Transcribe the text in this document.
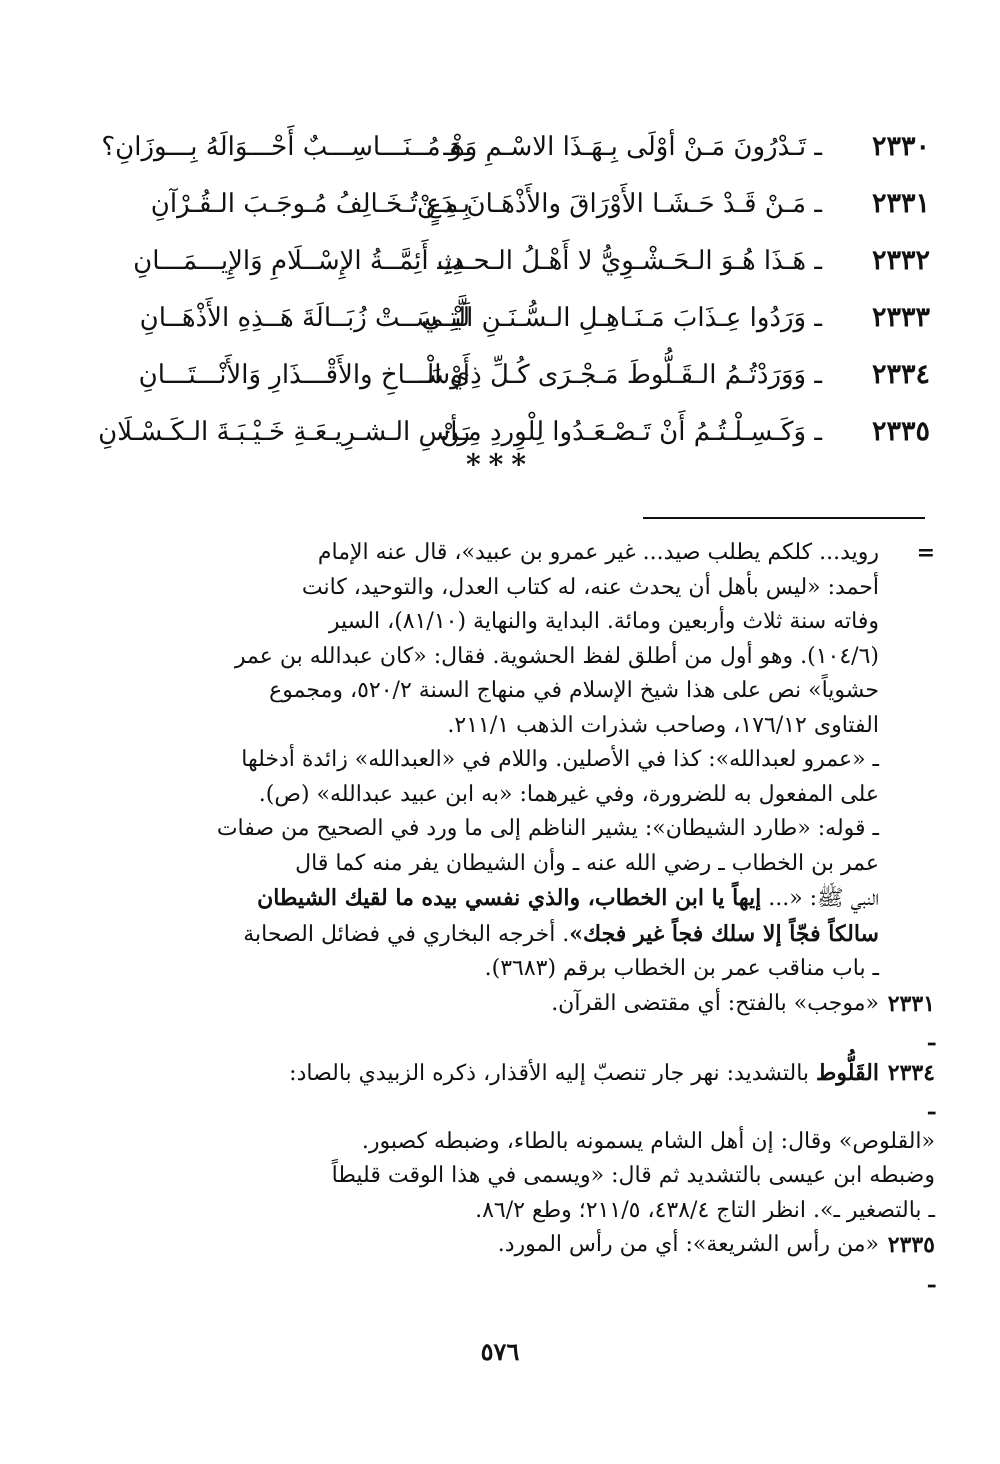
٢٣٣٠
ـ تَـدْرُونَ مَـنْ أوْلَى بِـهَـذَا الاسْـمِ وَهْـ
ـوَ مُــنَـــاسِـــبٌ أَحْـــوَالَهُ بِـــوزَانِ؟
٢٣٣١
ـ مَـنْ قَـدْ حَـشَـا الأَوْرَاقَ والأَذْهَـانَ مِـنْ
بِـدَعٍ تُـخَـالِفُ مُـوجَـبَ الـقُـرْآنِ
٢٣٣٢
ـ هَـذَا هُـوَ الـحَـشْـوِيُّ لا أَهْـلُ الـحـدِيـ
ـثِ أَئِمَّــةُ الإِسْــلَامِ وَالإِيـــمَـــانِ
٢٣٣٣
ـ وَرَدُوا عِـذَابَ مَـنَـاهِـلِ الـسُّـنَـنِ الَّتِـي
لَيْــسَــتْ زُبَــالَةَ هَــذِهِ الأَذْهَــانِ
٢٣٣٤
ـ وَوَرَدْتُـمُ الـقَـلُّوطَ مَـجْـرَى كُـلِّ ذِي الْـ
أَوْسَـــاخِ والأَقْـــذَارِ وَالأَنْـــتَـــانِ
٢٣٣٥
ـ وَكَـسِـلْـتُـمُ أَنْ تَـصْـعَـدُوا لِلْوِردِ مِـنْ
رَأسِ الـشـرِيـعَـةِ خَـيْـبَـةَ الـكَـسْـلَانِ
***
=

رويد... كلكم يطلب صيد... غير عمرو بن عبيد»، قال عنه الإمام

أحمد: «ليس بأهل أن يحدث عنه، له كتاب العدل، والتوحيد، كانت

وفاته سنة ثلاث وأربعين ومائة. البداية والنهاية (٨١/١٠)، السير

(١٠٤/٦). وهو أول من أطلق لفظ الحشوية. فقال: «كان عبدالله بن عمر

حشوياً» نص على هذا شيخ الإسلام في منهاج السنة ٥٢٠/٢، ومجموع

الفتاوى ١٧٦/١٢، وصاحب شذرات الذهب ٢١١/١.

ـ «عمرو لعبدالله»: كذا في الأصلين. واللام في «العبدالله» زائدة أدخلها

على المفعول به للضرورة، وفي غيرهما: «به ابن عبيد عبدالله» (ص).

ـ قوله: «طارد الشيطان»: يشير الناظم إلى ما ورد في الصحيح من صفات

عمر بن الخطاب ـ رضي الله عنه ـ وأن الشيطان يفر منه كما قال

النبي ﷺ: «... إيهاً يا ابن الخطاب، والذي نفسي بيده ما لقيك الشيطان

سالكاً فجّاً إلا سلك فجاً غير فجك». أخرجه البخاري في فضائل الصحابة

ـ باب مناقب عمر بن الخطاب برقم (٣٦٨٣).

٢٣٣١ ـ

«موجب» بالفتح: أي مقتضى القرآن.

٢٣٣٤ ـ

القَلُّوط بالتشديد: نهر جار تنصبّ إليه الأقذار، ذكره الزبيدي بالصاد:

«القلوص» وقال: إن أهل الشام يسمونه بالطاء، وضبطه كصبور.

وضبطه ابن عيسى بالتشديد ثم قال: «ويسمى في هذا الوقت قليطاً

ـ بالتصغير ـ». انظر التاج ٤٣٨/٤، ٢١١/٥؛ وطع ٨٦/٢.

٢٣٣٥ ـ

«من رأس الشريعة»: أي من رأس المورد.

٥٧٦
